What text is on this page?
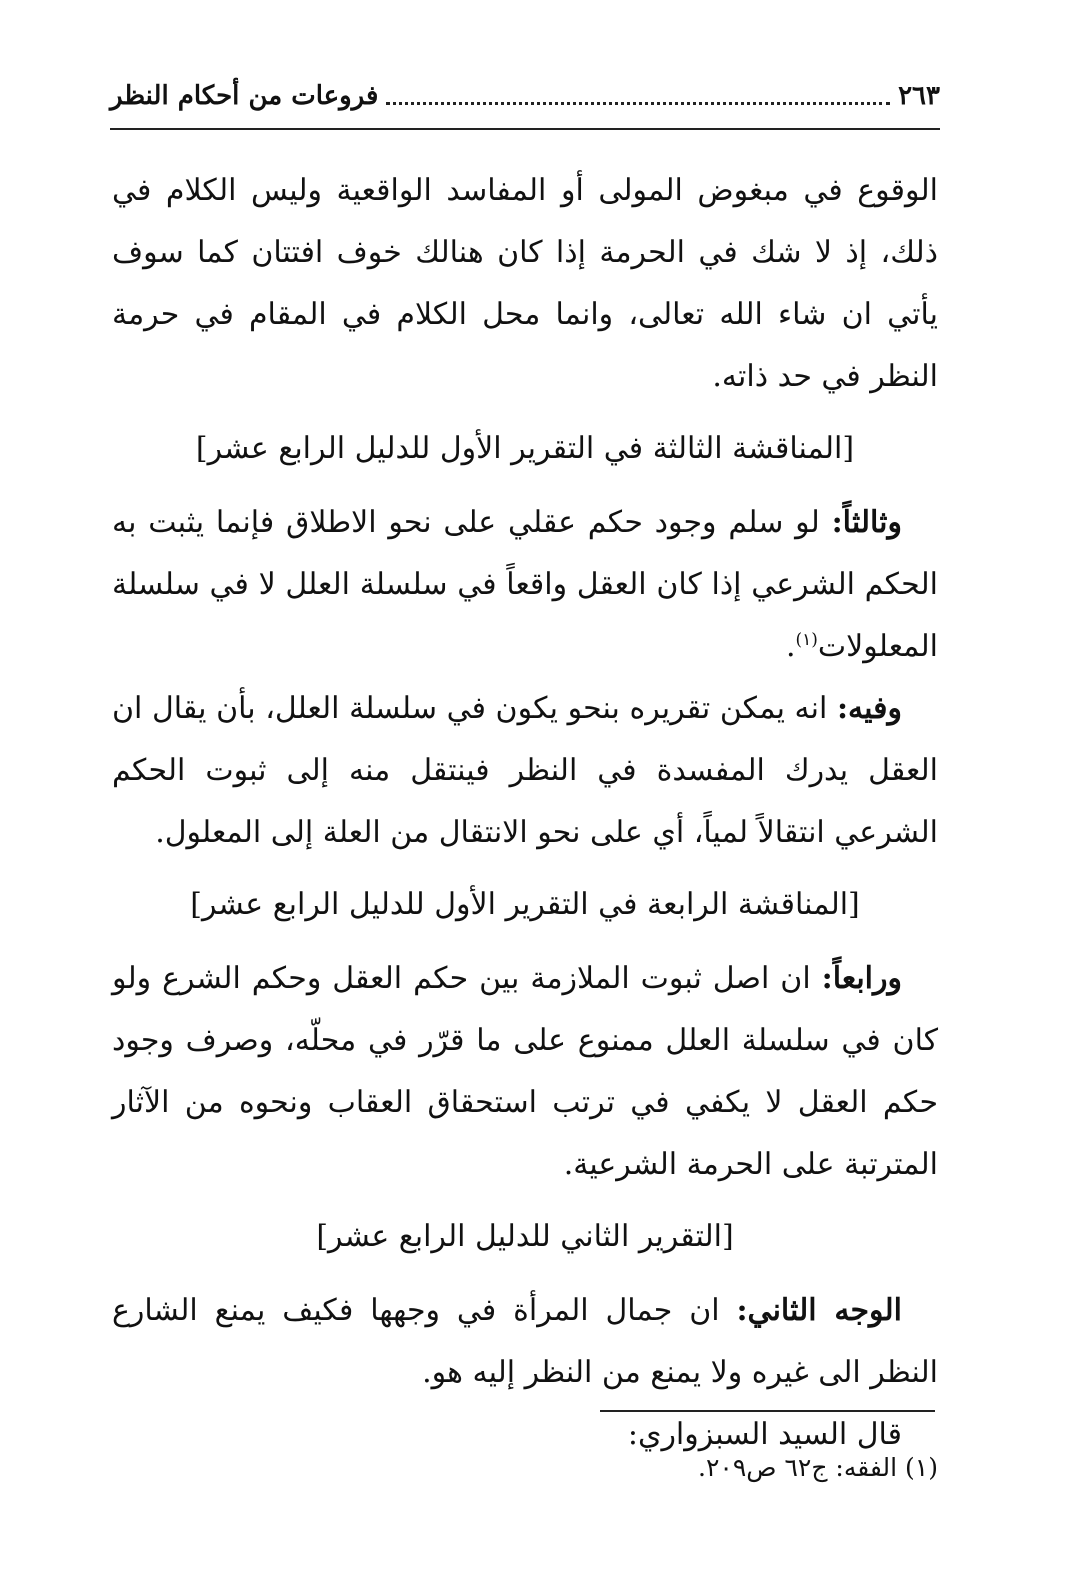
٢٦٣
فروعات من أحكام النظر

الوقوع في مبغوض المولى أو المفاسد الواقعية وليس الكلام في ذلك، إذ لا شك في الحرمة إذا كان هنالك خوف افتتان كما سوف يأتي ان شاء الله تعالى، وانما محل الكلام في المقام في حرمة النظر في حد ذاته.

[المناقشة الثالثة في التقرير الأول للدليل الرابع عشر]

وثالثاً: لو سلم وجود حكم عقلي على نحو الاطلاق فإنما يثبت به الحكم الشرعي إذا كان العقل واقعاً في سلسلة العلل لا في سلسلة المعلولات$^{(١)}$.

وفيه: انه يمكن تقريره بنحو يكون في سلسلة العلل، بأن يقال ان العقل يدرك المفسدة في النظر فينتقل منه إلى ثبوت الحكم الشرعي انتقالاً لمياً، أي على نحو الانتقال من العلة إلى المعلول.

[المناقشة الرابعة في التقرير الأول للدليل الرابع عشر]

ورابعاً: ان اصل ثبوت الملازمة بين حكم العقل وحكم الشرع ولو كان في سلسلة العلل ممنوع على ما قرّر في محلّه، وصرف وجود حكم العقل لا يكفي في ترتب استحقاق العقاب ونحوه من الآثار المترتبة على الحرمة الشرعية.

[التقرير الثاني للدليل الرابع عشر]

الوجه الثاني: ان جمال المرأة في وجهها فكيف يمنع الشارع النظر الى غيره ولا يمنع من النظر إليه هو.

قال السيد السبزواري:

(١) الفقه: ج٦٢ ص٢٠٩.
